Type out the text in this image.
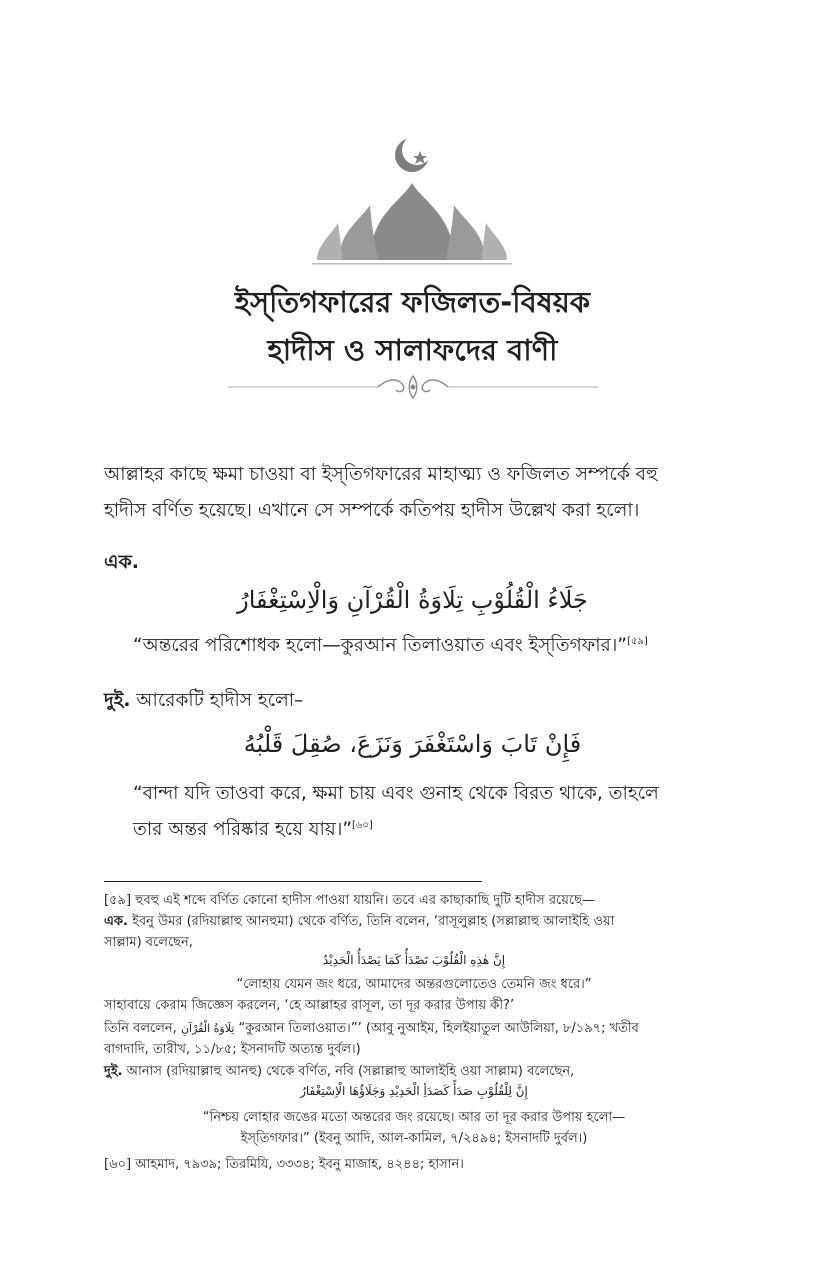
ইস্‌তিগফারের ফজিলত-বিষয়ক
হাদীস ও সালাফদের বাণী
আল্লাহর কাছে ক্ষমা চাওয়া বা ইস্‌তিগফারের মাহাত্ম্য ও ফজিলত সম্পর্কে বহু
হাদীস বর্ণিত হয়েছে। এখানে সে সম্পর্কে কতিপয় হাদীস উল্লেখ করা হলো।
এক.
جَلَاءُ الْقُلُوْبِ تِلَاوَةُ الْقُرْآنِ وَالْاِسْتِغْفَارُ
“অন্তরের পরিশোধক হলো—কুরআন তিলাওয়াত এবং ইস্‌তিগফার।”[৫৯]
দুই. আরেকটি হাদীস হলো–
فَإِنْ تَابَ وَاسْتَغْفَرَ وَنَزَعَ، صُقِلَ قَلْبُهُ
“বান্দা যদি তাওবা করে, ক্ষমা চায় এবং গুনাহ থেকে বিরত থাকে, তাহলে
তার অন্তর পরিষ্কার হয়ে যায়।”[৬০]
[৫৯] হুবহু এই শব্দে বর্ণিত কোনো হাদীস পাওয়া যায়নি। তবে এর কাছাকাছি দুটি হাদীস রয়েছে—
এক. ইবনু উমর (রদিয়াল্লাহু আনহুমা) থেকে বর্ণিত, তিনি বলেন, ‘রাসূলুল্লাহ (সল্লাল্লাহু আলাইহি ওয়া
সাল্লাম) বলেছেন,
إِنَّ هٰذِهِ الْقُلُوْبَ تَصْدَأُ كَمَا يَصْدَأُ الْحَدِيْدُ
“লোহায় যেমন জং ধরে, আমাদের অন্তরগুলোতেও তেমনি জং ধরে।”
সাহাবায়ে কেরাম জিজ্ঞেস করলেন, ‘হে আল্লাহর রাসূল, তা দূর করার উপায় কী?’
তিনি বললেন, تِلَاوَةُ الْقُرْآنِ “কুরআন তিলাওয়াত।”’ (আবু নুআইম, হিলইয়াতুল আউলিয়া, ৮/১৯৭; খতীব
বাগদাদি, তারীখ, ১১/৮৫; ইসনাদটি অত্যন্ত দুর্বল।)
দুই. আনাস (রদিয়াল্লাহু আনহু) থেকে বর্ণিত, নবি (সল্লাল্লাহু আলাইহি ওয়া সাল্লাম) বলেছেন,
إِنَّ لِلْقُلُوْبِ صَدَأً كَصَدَأِ الْحَدِيْدِ وَجَلَاؤُهَا الْاِسْتِغْفَارُ
“নিশ্চয় লোহার জঙের মতো অন্তরের জং রয়েছে। আর তা দূর করার উপায় হলো—
ইস্‌তিগফার।” (ইবনু আদি, আল-কামিল, ৭/২৪৯৪; ইসনাদটি দুর্বল।)
[৬০] আহমাদ, ৭৯৩৯; তিরমিযি, ৩৩৩৪; ইবনু মাজাহ, ৪২৪৪; হাসান।
